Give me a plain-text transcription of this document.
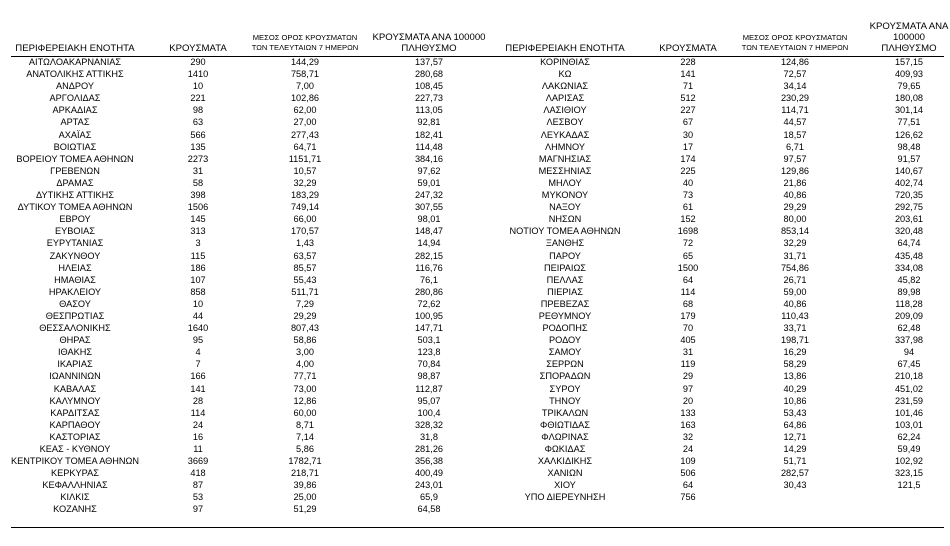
ΠΕΡΙΦΕΡΕΙΑΚΗ ΕΝΟΤΗΤΑ	ΚΡΟΥΣΜΑΤΑ
ΜΕΣΟΣ ΟΡΟΣ ΚΡΟΥΣΜΑΤΩΝ
ΤΩΝ ΤΕΛΕΥΤΑΙΩΝ 7 ΗΜΕΡΩΝ
ΚΡΟΥΣΜΑΤΑ ΑΝΑ 100000
ΠΛΗΘΥΣΜΟ
ΑΙΤΩΛΟΑΚΑΡΝΑΝΙΑΣ	290	144,29	137,57
ΑΝΑΤΟΛΙΚΗΣ ΑΤΤΙΚΗΣ	1410	758,71	280,68
ΑΝΔΡΟΥ	10	7,00	108,45
ΑΡΓΟΛΙΔΑΣ	221	102,86	227,73
ΑΡΚΑΔΙΑΣ	98	62,00	113,05
ΑΡΤΑΣ	63	27,00	92,81
ΑΧΑΪΑΣ	566	277,43	182,41
ΒΟΙΩΤΙΑΣ	135	64,71	114,48
ΒΟΡΕΙΟΥ ΤΟΜΕΑ ΑΘΗΝΩΝ	2273	1151,71	384,16
ΓΡΕΒΕΝΩΝ	31	10,57	97,62
ΔΡΑΜΑΣ	58	32,29	59,01
ΔΥΤΙΚΗΣ ΑΤΤΙΚΗΣ	398	183,29	247,32
ΔΥΤΙΚΟΥ ΤΟΜΕΑ ΑΘΗΝΩΝ	1506	749,14	307,55
ΕΒΡΟΥ	145	66,00	98,01
ΕΥΒΟΙΑΣ	313	170,57	148,47
ΕΥΡΥΤΑΝΙΑΣ	3	1,43	14,94
ΖΑΚΥΝΘΟΥ	115	63,57	282,15
ΗΛΕΙΑΣ	186	85,57	116,76
ΗΜΑΘΙΑΣ	107	55,43	76,1
ΗΡΑΚΛΕΙΟΥ	858	511,71	280,86
ΘΑΣΟΥ	10	7,29	72,62
ΘΕΣΠΡΩΤΙΑΣ	44	29,29	100,95
ΘΕΣΣΑΛΟΝΙΚΗΣ	1640	807,43	147,71
ΘΗΡΑΣ	95	58,86	503,1
ΙΘΑΚΗΣ	4	3,00	123,8
ΙΚΑΡΙΑΣ	7	4,00	70,84
ΙΩΑΝΝΙΝΩΝ	166	77,71	98,87
ΚΑΒΑΛΑΣ	141	73,00	112,87
ΚΑΛΥΜΝΟΥ	28	12,86	95,07
ΚΑΡΔΙΤΣΑΣ	114	60,00	100,4
ΚΑΡΠΑΘΟΥ	24	8,71	328,32
ΚΑΣΤΟΡΙΑΣ	16	7,14	31,8
ΚΕΑΣ - ΚΥΘΝΟΥ	11	5,86	281,26
ΚΕΝΤΡΙΚΟΥ ΤΟΜΕΑ ΑΘΗΝΩΝ	3669	1782,71	356,38
ΚΕΡΚΥΡΑΣ	418	218,71	400,49
ΚΕΦΑΛΛΗΝΙΑΣ	87	39,86	243,01
ΚΙΛΚΙΣ	53	25,00	65,9
ΚΟΖΑΝΗΣ	97	51,29	64,58
ΠΕΡΙΦΕΡΕΙΑΚΗ ΕΝΟΤΗΤΑ	ΚΡΟΥΣΜΑΤΑ
ΜΕΣΟΣ ΟΡΟΣ ΚΡΟΥΣΜΑΤΩΝ
ΤΩΝ ΤΕΛΕΥΤΑΙΩΝ 7 ΗΜΕΡΩΝ
ΚΡΟΥΣΜΑΤΑ ΑΝΑ 100000
ΠΛΗΘΥΣΜΟ
ΚΟΡΙΝΘΙΑΣ	228	124,86	157,15
ΚΩ	141	72,57	409,93
ΛΑΚΩΝΙΑΣ	71	34,14	79,65
ΛΑΡΙΣΑΣ	512	230,29	180,08
ΛΑΣΙΘΙΟΥ	227	114,71	301,14
ΛΕΣΒΟΥ	67	44,57	77,51
ΛΕΥΚΑΔΑΣ	30	18,57	126,62
ΛΗΜΝΟΥ	17	6,71	98,48
ΜΑΓΝΗΣΙΑΣ	174	97,57	91,57
ΜΕΣΣΗΝΙΑΣ	225	129,86	140,67
ΜΗΛΟΥ	40	21,86	402,74
ΜΥΚΟΝΟΥ	73	40,86	720,35
ΝΑΞΟΥ	61	29,29	292,75
ΝΗΣΩΝ	152	80,00	203,61
ΝΟΤΙΟΥ ΤΟΜΕΑ ΑΘΗΝΩΝ	1698	853,14	320,48
ΞΑΝΘΗΣ	72	32,29	64,74
ΠΑΡΟΥ	65	31,71	435,48
ΠΕΙΡΑΙΩΣ	1500	754,86	334,08
ΠΕΛΛΑΣ	64	26,71	45,82
ΠΙΕΡΙΑΣ	114	59,00	89,98
ΠΡΕΒΕΖΑΣ	68	40,86	118,28
ΡΕΘΥΜΝΟΥ	179	110,43	209,09
ΡΟΔΟΠΗΣ	70	33,71	62,48
ΡΟΔΟΥ	405	198,71	337,98
ΣΑΜΟΥ	31	16,29	94
ΣΕΡΡΩΝ	119	58,29	67,45
ΣΠΟΡΑΔΩΝ	29	13,86	210,18
ΣΥΡΟΥ	97	40,29	451,02
ΤΗΝΟΥ	20	10,86	231,59
ΤΡΙΚΑΛΩΝ	133	53,43	101,46
ΦΘΙΩΤΙΔΑΣ	163	64,86	103,01
ΦΛΩΡΙΝΑΣ	32	12,71	62,24
ΦΩΚΙΔΑΣ	24	14,29	59,49
ΧΑΛΚΙΔΙΚΗΣ	109	51,71	102,92
ΧΑΝΙΩΝ	506	282,57	323,15
ΧΙΟΥ	64	30,43	121,5
ΥΠΟ ΔΙΕΡΕΥΝΗΣΗ	756
